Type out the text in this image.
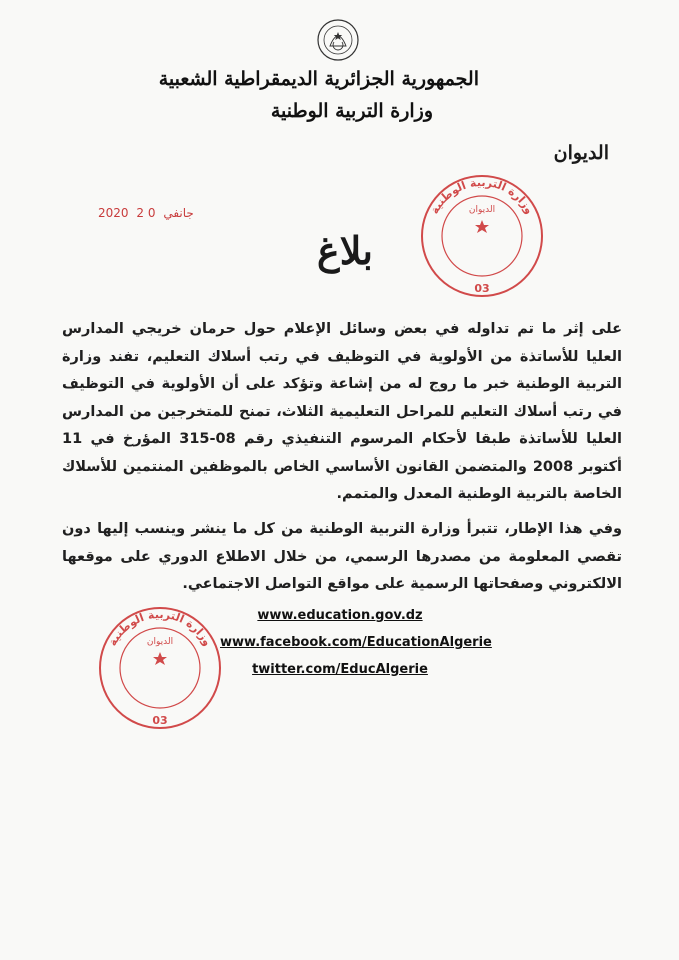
الجمهورية الجزائرية الديمقراطية الشعبية
وزارة التربية الوطنية
الديوان
2020	جانفي 0 2	وزارة التربية الوطنية
الديوان
03
بلاغ
على إثر ما تم تداوله في بعض وسائل الإعلام حول حرمان خريجي المدارس العليا للأساتذة من الأولوية في التوظيف في رتب أسلاك التعليم، تفند وزارة التربية الوطنية خبر ما روج له من إشاعة وتؤكد على أن الأولوية في التوظيف في رتب أسلاك التعليم للمراحل التعليمية الثلاث، تمنح للمتخرجين من المدارس العليا للأساتذة طبقا لأحكام المرسوم التنفيذي رقم 08-315 المؤرخ في 11 أكتوبر 2008 والمتضمن القانون الأساسي الخاص بالموظفين المنتمين للأسلاك الخاصة بالتربية الوطنية المعدل والمتمم.
وفي هذا الإطار، تتبرأ وزارة التربية الوطنية من كل ما ينشر وينسب إليها دون تقصي المعلومة من مصدرها الرسمي، من خلال الاطلاع الدوري على موقعها الالكتروني وصفحاتها الرسمية على مواقع التواصل الاجتماعي.
www.education.gov.dz
www.facebook.com/EducationAlgerie
twitter.com/EducAlgerie
وزارة التربية الوطنية
الديوان
03
